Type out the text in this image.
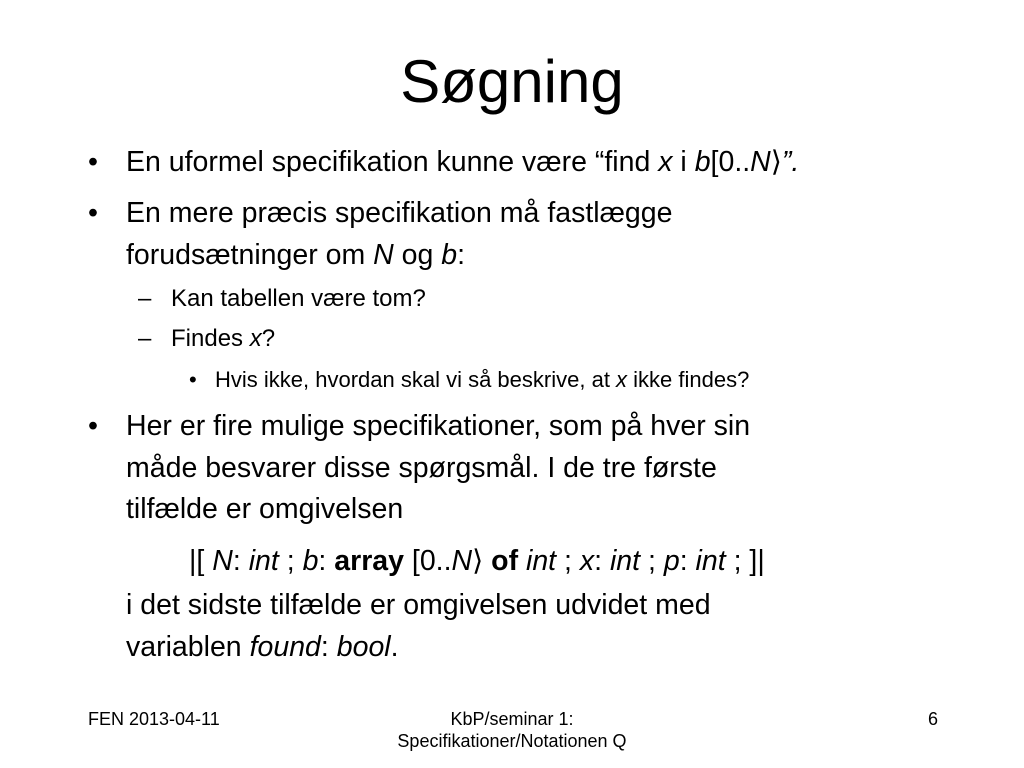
Søgning
• En uformel specifikation kunne være “find x i b[0..N⟩”.

• En mere præcis specifikation må fastlægge

forudsætninger om N og b:

– Kan tabellen være tom?

– Findes x?

• Hvis ikke, hvordan skal vi så beskrive, at x ikke findes?

• Her er fire mulige specifikationer, som på hver sin

måde besvarer disse spørgsmål. I de tre første

tilfælde er omgivelsen

|[ N: int ; b: array [0..N⟩ of int ; x: int ; p: int ; ]|

i det sidste tilfælde er omgivelsen udvidet med

variablen found: bool.

FEN 2013-04-11	KbP/seminar 1:
Specifikationer/Notationen Q
6
